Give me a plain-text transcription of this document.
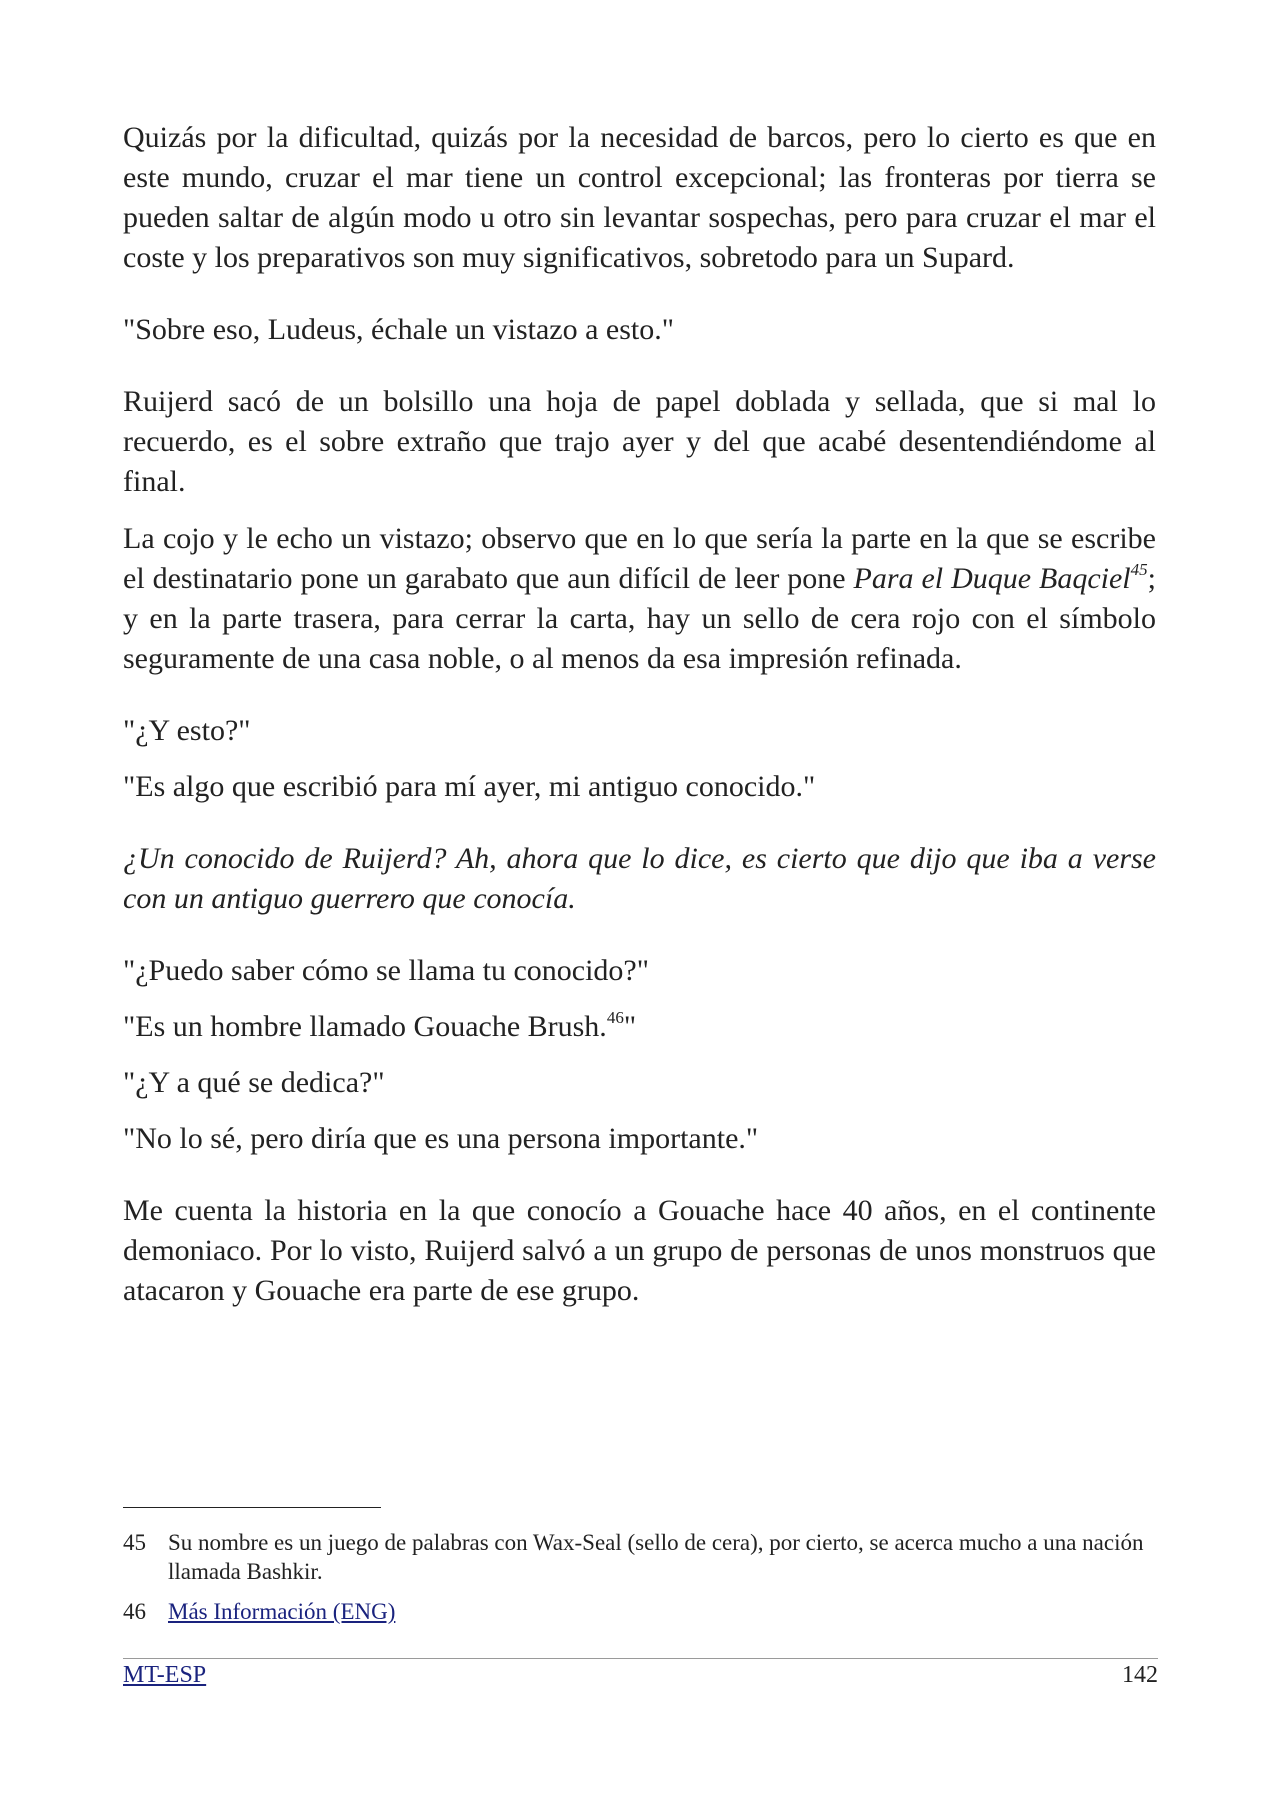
Quizás por la dificultad, quizás por la necesidad de barcos, pero lo cierto es que en este mundo, cruzar el mar tiene un control excepcional; las fronteras por tierra se pueden saltar de algún modo u otro sin levantar sospechas, pero para cruzar el mar el coste y los preparativos son muy significativos, sobretodo para un Supard.

"Sobre eso, Ludeus, échale un vistazo a esto."

Ruijerd sacó de un bolsillo una hoja de papel doblada y sellada, que si mal lo recuerdo, es el sobre extraño que trajo ayer y del que acabé desentendiéndome al final.

La cojo y le echo un vistazo; observo que en lo que sería la parte en la que se escribe el destinatario pone un garabato que aun difícil de leer pone Para el Duque Baqciel$^{45}$; y en la parte trasera, para cerrar la carta, hay un sello de cera rojo con el símbolo seguramente de una casa noble, o al menos da esa impresión refinada.

"¿Y esto?"

"Es algo que escribió para mí ayer, mi antiguo conocido."

¿Un conocido de Ruijerd? Ah, ahora que lo dice, es cierto que dijo que iba a verse con un antiguo guerrero que conocía.

"¿Puedo saber cómo se llama tu conocido?"

"Es un hombre llamado Gouache Brush.$^{46}$"

"¿Y a qué se dedica?"

"No lo sé, pero diría que es una persona importante."

Me cuenta la historia en la que conocío a Gouache hace 40 años, en el continente demoniaco. Por lo visto, Ruijerd salvó a un grupo de personas de unos monstruos que atacaron y Gouache era parte de ese grupo.

45 Su nombre es un juego de palabras con Wax-Seal (sello de cera), por cierto, se acerca mucho a una nación llamada Bashkir.
46 Más Información (ENG)
MT-ESP	142
